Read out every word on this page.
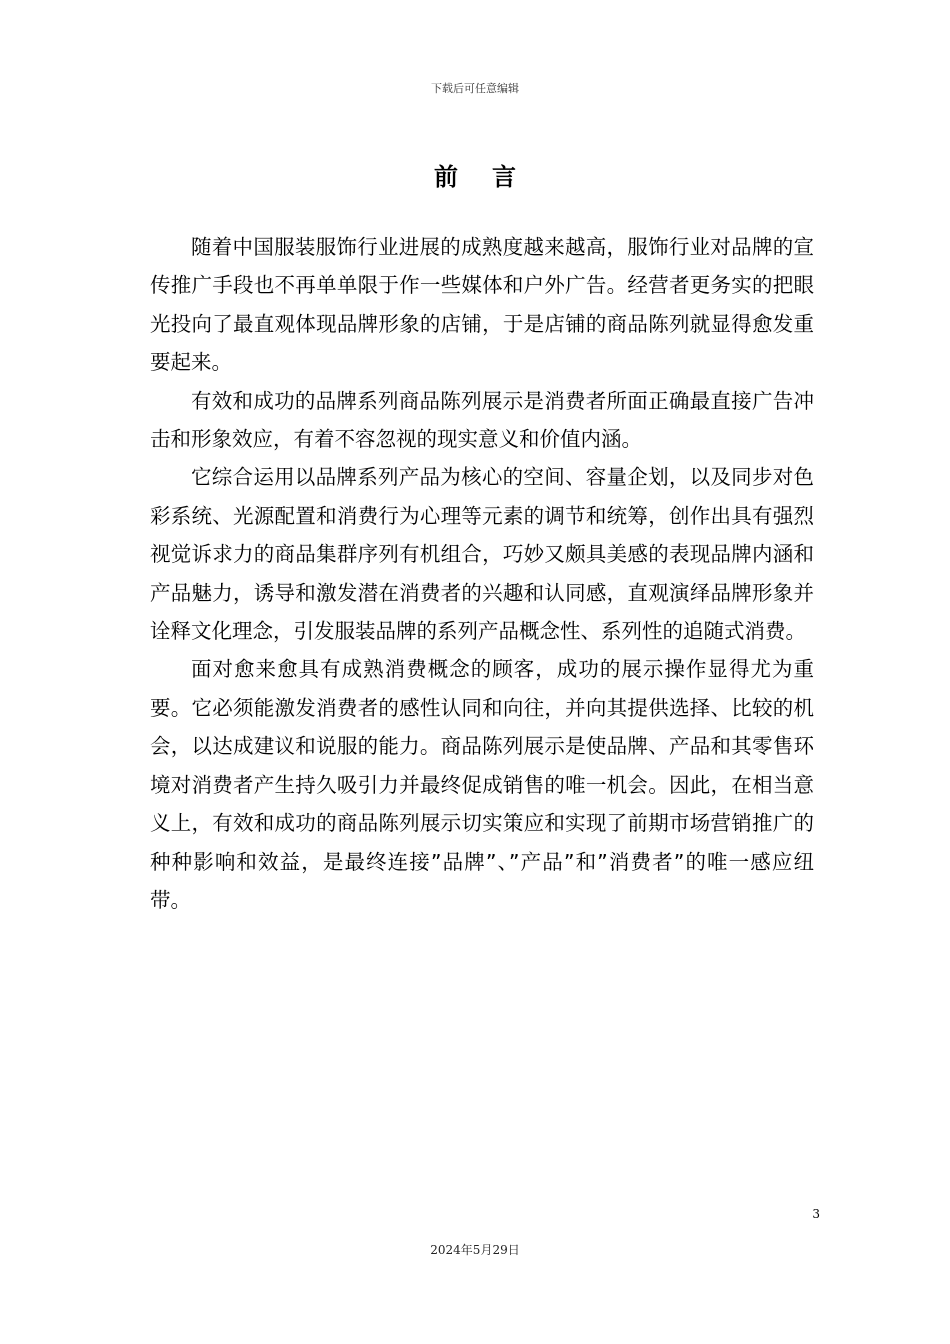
下载后可任意编辑
前言

随着中国服装服饰行业进展的成熟度越来越高，服饰行业对品牌的宣传推广手段也不再单单限于作一些媒体和户外广告。经营者更务实的把眼光投向了最直观体现品牌形象的店铺，于是店铺的商品陈列就显得愈发重要起来。

有效和成功的品牌系列商品陈列展示是消费者所面正确最直接广告冲击和形象效应，有着不容忽视的现实意义和价值内涵。

它综合运用以品牌系列产品为核心的空间、容量企划，以及同步对色彩系统、光源配置和消费行为心理等元素的调节和统筹，创作出具有强烈视觉诉求力的商品集群序列有机组合，巧妙又颇具美感的表现品牌内涵和产品魅力，诱导和激发潜在消费者的兴趣和认同感，直观演绎品牌形象并诠释文化理念，引发服装品牌的系列产品概念性、系列性的追随式消费。

面对愈来愈具有成熟消费概念的顾客，成功的展示操作显得尤为重要。它必须能激发消费者的感性认同和向往，并向其提供选择、比较的机会，以达成建议和说服的能力。商品陈列展示是使品牌、产品和其零售环境对消费者产生持久吸引力并最终促成销售的唯一机会。因此，在相当意义上，有效和成功的商品陈列展示切实策应和实现了前期市场营销推广的种种影响和效益，是最终连接”品牌”、”产品”和”消费者”的唯一感应纽带。

3
2024年5月29日
